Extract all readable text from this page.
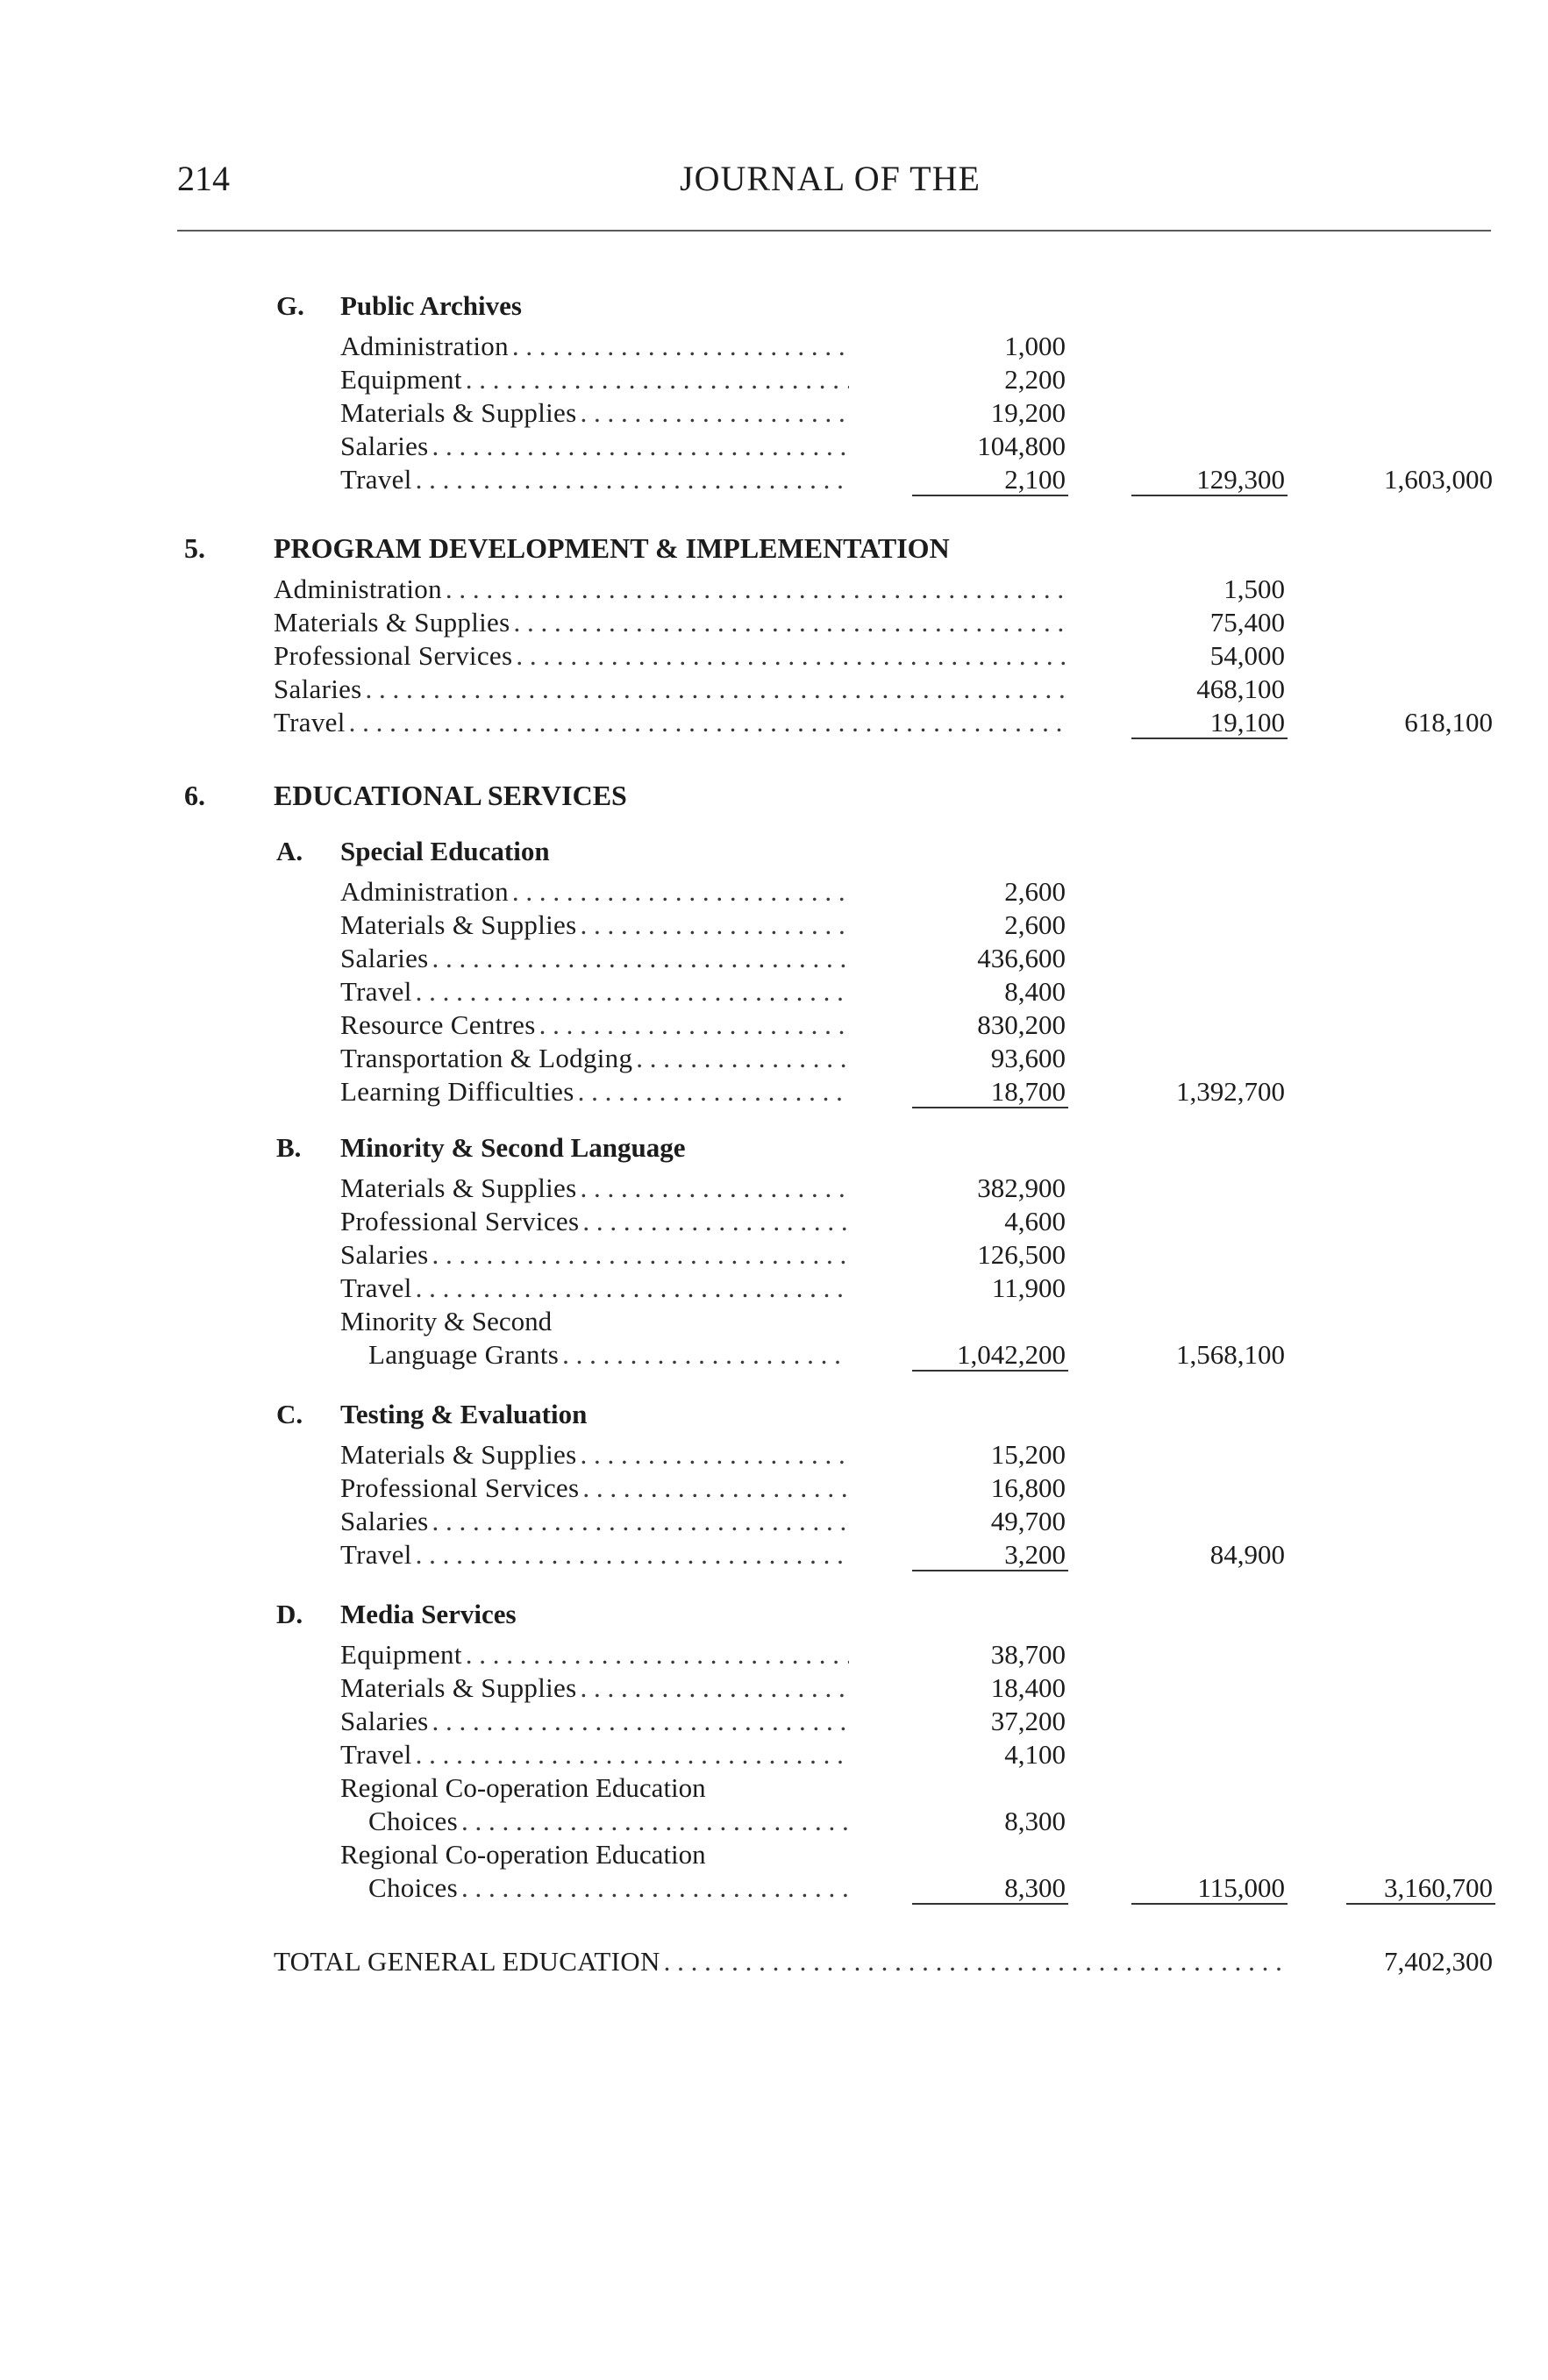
214	JOURNAL OF THE
G. Public Archives
Administration . . .	1,000
Equipment . . .	2,200
Materials & Supplies . . .	19,200
Salaries . . .	104,800
Travel . . .	2,100	129,300	1,603,000
5. PROGRAM DEVELOPMENT & IMPLEMENTATION
Administration . . .	1,500
Materials & Supplies . . .	75,400
Professional Services . . .	54,000
Salaries . . .	468,100
Travel . . .	19,100	618,100
6. EDUCATIONAL SERVICES
A. Special Education
Administration . . .	2,600
Materials & Supplies . . .	2,600
Salaries . . .	436,600
Travel . . .	8,400
Resource Centres . . .	830,200
Transportation & Lodging . . .	93,600
Learning Difficulties . . .	18,700	1,392,700
B. Minority & Second Language
Materials & Supplies . . .	382,900
Professional Services . . .	4,600
Salaries . . .	126,500
Travel . . .	11,900
Minority & Second
Language Grants . . .	1,042,200	1,568,100
C. Testing & Evaluation
Materials & Supplies . . .	15,200
Professional Services . . .	16,800
Salaries . . .	49,700
Travel . . .	3,200	84,900
D. Media Services
Equipment . . .	38,700
Materials & Supplies . . .	18,400
Salaries . . .	37,200
Travel . . .	4,100
Regional Co-operation Education
Choices . . .	8,300
Regional Co-operation Education
Choices . . .	8,300	115,000	3,160,700
TOTAL GENERAL EDUCATION . . .	7,402,300
